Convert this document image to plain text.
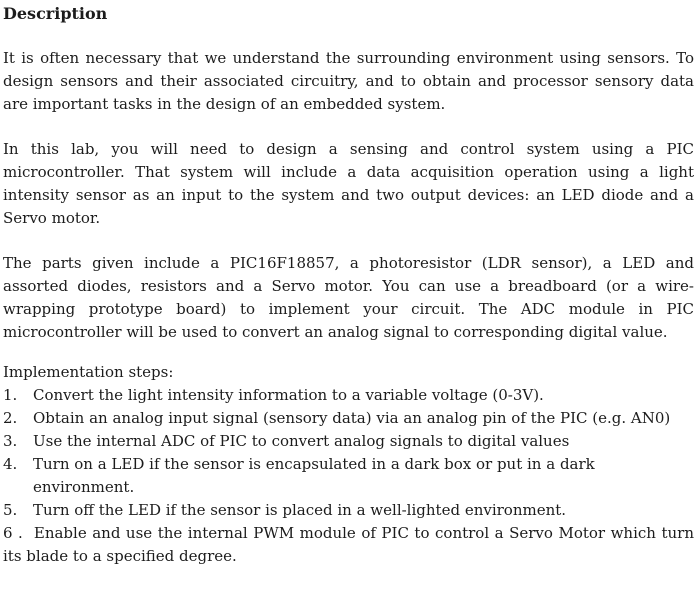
Description

It is often necessary that we understand the surrounding environment using sensors. To design sensors and their associated circuitry, and to obtain and processor sensory data are important tasks in the design of an embedded system.

In this lab, you will need to design a sensing and control system using a PIC microcontroller. That system will include a data acquisition operation using a light intensity sensor as an input to the system and two output devices: an LED diode and a Servo motor.

The parts given include a PIC16F18857, a photoresistor (LDR sensor), a LED and assorted diodes, resistors and a Servo motor. You can use a breadboard (or a wire-wrapping prototype board) to implement your circuit. The ADC module in PIC microcontroller will be used to convert an analog signal to corresponding digital value.

Implementation steps:

1.	Convert the light intensity information to a variable voltage (0-3V).
2.	Obtain an analog input signal (sensory data) via an analog pin of the PIC (e.g. AN0)
3.	Use the internal ADC of PIC to convert analog signals to digital values
4.	Turn on a LED if the sensor is encapsulated in a dark box or put in a dark environment.
5.	Turn off the LED if the sensor is placed in a well-lighted environment.

6 .  Enable and use the internal PWM module of PIC to control a Servo Motor which turn its blade to a specified degree.
